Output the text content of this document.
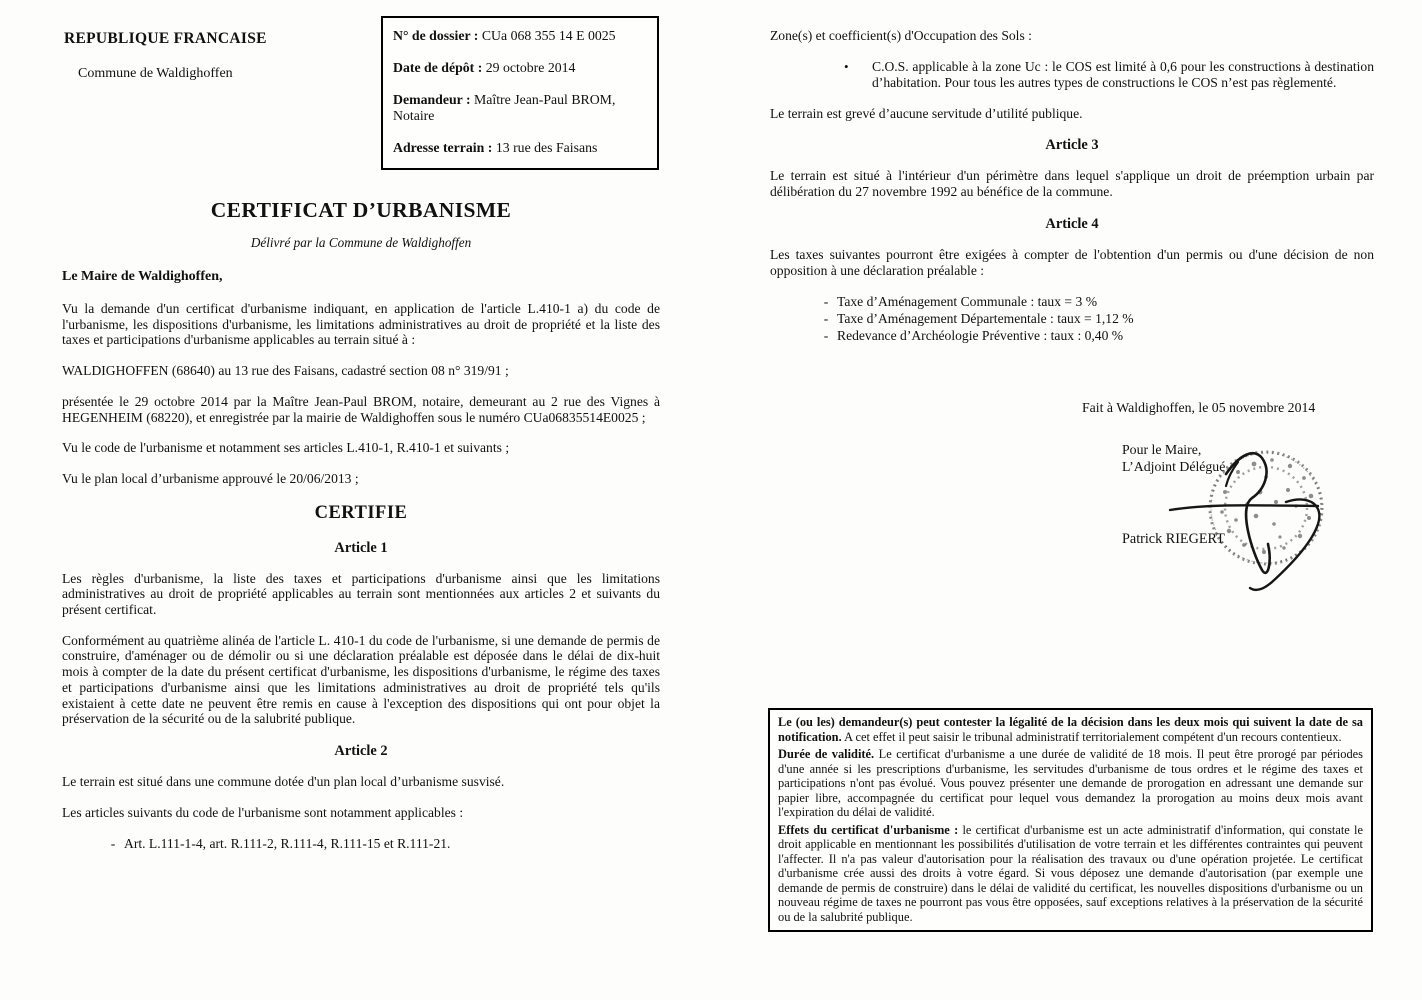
REPUBLIQUE FRANCAISE
Commune de Waldighoffen
N° de dossier : CUa 068 355 14 E 0025
Date de dépôt : 29 octobre 2014
Demandeur : Maître Jean-Paul BROM, Notaire
Adresse terrain : 13 rue des Faisans
CERTIFICAT D’URBANISME
Délivré par la Commune de Waldighoffen
Le Maire de Waldighoffen,

Vu la demande d'un certificat d'urbanisme indiquant, en application de l'article L.410-1 a) du code de l'urbanisme, les dispositions d'urbanisme, les limitations administratives au droit de propriété et la liste des taxes et participations d'urbanisme applicables au terrain situé à :

WALDIGHOFFEN (68640) au 13 rue des Faisans, cadastré section 08 n° 319/91 ;

présentée le 29 octobre 2014 par la Maître Jean-Paul BROM, notaire, demeurant au 2 rue des Vignes à HEGENHEIM (68220), et enregistrée par la mairie de Waldighoffen sous le numéro CUa06835514E0025 ;

Vu le code de l'urbanisme et notamment ses articles L.410-1, R.410-1 et suivants ;

Vu le plan local d’urbanisme approuvé le 20/06/2013 ;

CERTIFIE
Article 1

Les règles d'urbanisme, la liste des taxes et participations d'urbanisme ainsi que les limitations administratives au droit de propriété applicables au terrain sont mentionnées aux articles 2 et suivants du présent certificat.

Conformément au quatrième alinéa de l'article L. 410-1 du code de l'urbanisme, si une demande de permis de construire, d'aménager ou de démolir ou si une déclaration préalable est déposée dans le délai de dix-huit mois à compter de la date du présent certificat d'urbanisme, les dispositions d'urbanisme, le régime des taxes et participations d'urbanisme ainsi que les limitations administratives au droit de propriété tels qu'ils existaient à cette date ne peuvent être remis en cause à l'exception des dispositions qui ont pour objet la préservation de la sécurité ou de la salubrité publique.

Article 2

Le terrain est situé dans une commune dotée d'un plan local d’urbanisme susvisé.

Les articles suivants du code de l'urbanisme sont notamment applicables :

- Art. L.111-1-4, art. R.111-2, R.111-4, R.111-15 et R.111-21.

Zone(s) et coefficient(s) d'Occupation des Sols :

•	C.O.S. applicable à la zone Uc : le COS est limité à 0,6 pour les constructions à destination d’habitation. Pour tous les autres types de constructions le COS n’est pas règlementé.

Le terrain est grevé d’aucune servitude d’utilité publique.

Article 3

Le terrain est situé à l'intérieur d'un périmètre dans lequel s'applique un droit de préemption urbain par délibération du 27 novembre 1992 au bénéfice de la commune.

Article 4

Les taxes suivantes pourront être exigées à compter de l'obtention d'un permis ou d'une décision de non opposition à une déclaration préalable :

- Taxe d’Aménagement Communale : taux = 3 %
- Taxe d’Aménagement Départementale : taux = 1,12 %
- Redevance d’Archéologie Préventive : taux : 0,40 %
Fait à Waldighoffen, le 05 novembre 2014
Pour le Maire,
L’Adjoint Délégué
Patrick RIEGERT

Le (ou les) demandeur(s) peut contester la légalité de la décision dans les deux mois qui suivent la date de sa notification. A cet effet il peut saisir le tribunal administratif territorialement compétent d'un recours contentieux.

Durée de validité. Le certificat d'urbanisme a une durée de validité de 18 mois. Il peut être prorogé par périodes d'une année si les prescriptions d'urbanisme, les servitudes d'urbanisme de tous ordres et le régime des taxes et participations n'ont pas évolué. Vous pouvez présenter une demande de prorogation en adressant une demande sur papier libre, accompagnée du certificat pour lequel vous demandez la prorogation au moins deux mois avant l'expiration du délai de validité.

Effets du certificat d'urbanisme : le certificat d'urbanisme est un acte administratif d'information, qui constate le droit applicable en mentionnant les possibilités d'utilisation de votre terrain et les différentes contraintes qui peuvent l'affecter. Il n'a pas valeur d'autorisation pour la réalisation des travaux ou d'une opération projetée. Le certificat d'urbanisme crée aussi des droits à votre égard. Si vous déposez une demande d'autorisation (par exemple une demande de permis de construire) dans le délai de validité du certificat, les nouvelles dispositions d'urbanisme ou un nouveau régime de taxes ne pourront pas vous être opposées, sauf exceptions relatives à la préservation de la sécurité ou de la salubrité publique.
